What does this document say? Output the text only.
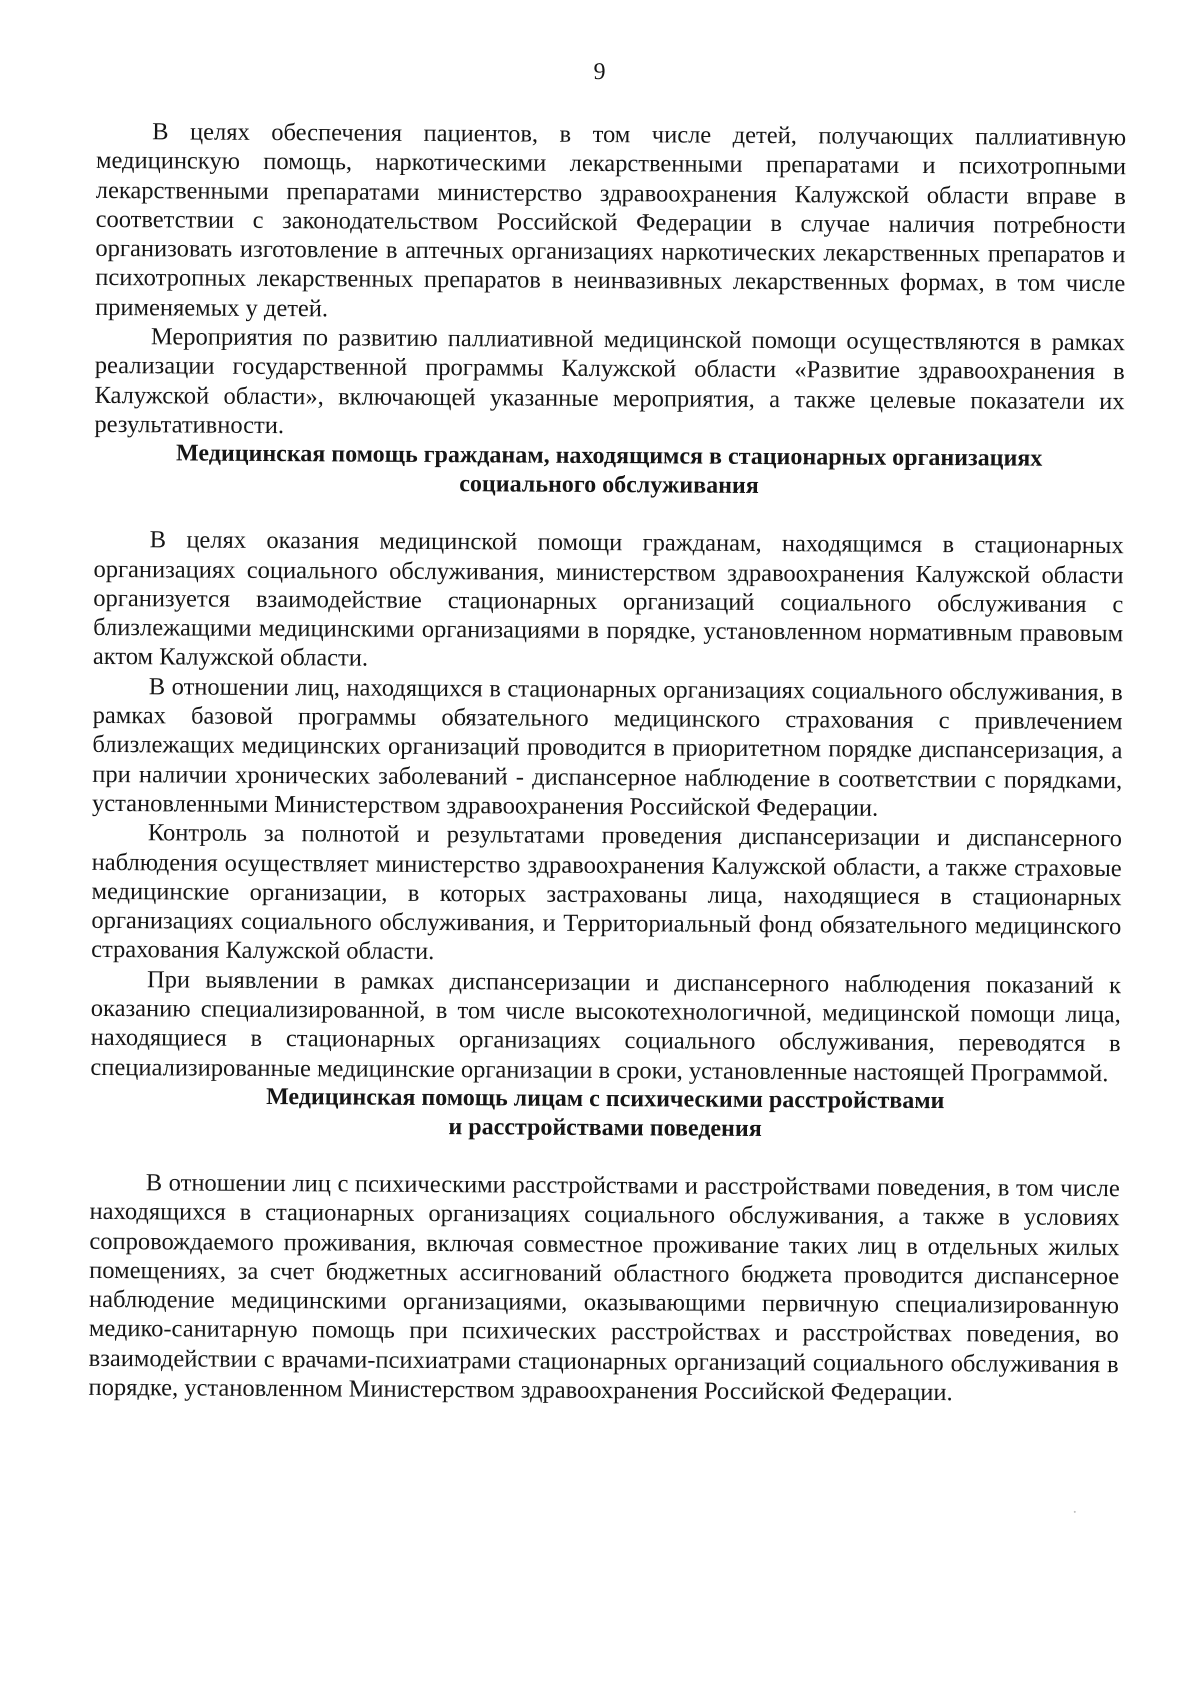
9

В целях обеспечения пациентов, в том числе детей, получающих паллиативную медицинскую помощь, наркотическими лекарственными препаратами и психотропными лекарственными препаратами министерство здравоохранения Калужской области вправе в соответствии с законодательством Российской Федерации в случае наличия потребности организовать изготовление в аптечных организациях наркотических лекарственных препаратов и психотропных лекарственных препаратов в неинвазивных лекарственных формах, в том числе применяемых у детей.

Мероприятия по развитию паллиативной медицинской помощи осуществляются в рамках реализации государственной программы Калужской области «Развитие здравоохранения в Калужской области», включающей указанные мероприятия, а также целевые показатели их результативности.

Медицинская помощь гражданам, находящимся в стационарных организациях
социального обслуживания

В целях оказания медицинской помощи гражданам, находящимся в стационарных организациях социального обслуживания, министерством здравоохранения Калужской области организуется взаимодействие стационарных организаций социального обслуживания с близлежащими медицинскими организациями в порядке, установленном нормативным правовым актом Калужской области.

В отношении лиц, находящихся в стационарных организациях социального обслуживания, в рамках базовой программы обязательного медицинского страхования с привлечением близлежащих медицинских организаций проводится в приоритетном порядке диспансеризация, а при наличии хронических заболеваний - диспансерное наблюдение в соответствии с порядками, установленными Министерством здравоохранения Российской Федерации.

Контроль за полнотой и результатами проведения диспансеризации и диспансерного наблюдения осуществляет министерство здравоохранения Калужской области, а также страховые медицинские организации, в которых застрахованы лица, находящиеся в стационарных организациях социального обслуживания, и Территориальный фонд обязательного медицинского страхования Калужской области.

При выявлении в рамках диспансеризации и диспансерного наблюдения показаний к оказанию специализированной, в том числе высокотехнологичной, медицинской помощи лица, находящиеся в стационарных организациях социального обслуживания, переводятся в специализированные медицинские организации в сроки, установленные настоящей Программой.

Медицинская помощь лицам с психическими расстройствами
и расстройствами поведения

В отношении лиц с психическими расстройствами и расстройствами поведения, в том числе находящихся в стационарных организациях социального обслуживания, а также в условиях сопровождаемого проживания, включая совместное проживание таких лиц в отдельных жилых помещениях, за счет бюджетных ассигнований областного бюджета проводится диспансерное наблюдение медицинскими организациями, оказывающими первичную специализированную медико-санитарную помощь при психических расстройствах и расстройствах поведения, во взаимодействии с врачами-психиатрами стационарных организаций социального обслуживания в порядке, установленном Министерством здравоохранения Российской Федерации.
